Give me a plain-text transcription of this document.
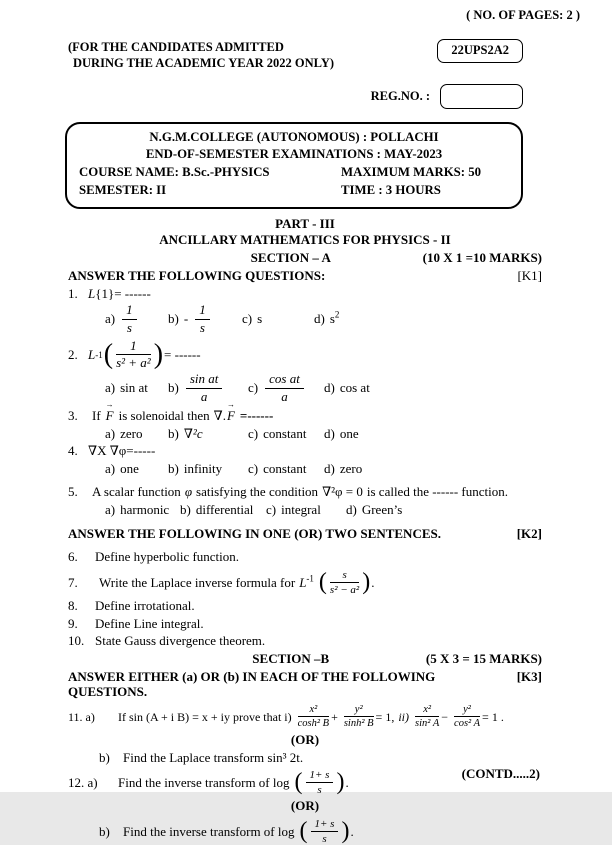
( NO. OF PAGES: 2 )
(FOR THE CANDIDATES ADMITTED
DURING THE ACADEMIC YEAR 2022 ONLY)
22UPS2A2
REG.NO. :
N.G.M.COLLEGE (AUTONOMOUS) : POLLACHI
END-OF-SEMESTER EXAMINATIONS : MAY-2023
COURSE NAME: B.Sc.-PHYSICS	MAXIMUM MARKS: 50
SEMESTER: II	TIME : 3 HOURS
PART - III
ANCILLARY MATHEMATICS FOR PHYSICS - II
SECTION – A	(10 X 1 =10 MARKS)
ANSWER THE FOLLOWING QUESTIONS:	[K1]
1. L {1}= ------
$a) \frac{1}{s} b) - \frac{1}{s} c$) s	d) $s^2$
2. L -1 ( $\frac{1}{\text{s² + a²}}$ ) = ------
a) sin at $b) \frac{\text{sin at}}{a} c) \frac{\text{cos at}}{a} d$) cos at
3.	If
→
F is solenoidal then ∇.
→
F =------
a) zero b) ∇²c	c) constant d) one
4. ∇X ∇φ=-----
a) one b) infinity c) constant d) zero
5.	A scalar function φ satisfying the condition ∇²φ = 0 is called the ------ function.
a) harmonic b) differential c) integral d) Green’s
ANSWER THE FOLLOWING IN ONE (OR) TWO SENTENCES.	[K2]
6.	Define hyperbolic function.
7.	Write the Laplace inverse formula for $L^{-1}$ ( $\frac{s}{\text{s² − a²}}$ ) .
8.	Define irrotational.
9.	Define Line integral.
10. State Gauss divergence theorem.
SECTION –B	(5 X 3 = 15 MARKS)
ANSWER EITHER (a) OR (b) IN EACH OF THE FOLLOWING QUESTIONS.
[K3]
11. a)	If sin (A + i B) = x + iy prove that $i) \frac{\text{x²}}{\text{cosh² B}} + \frac{\text{y²}}{\text{sinh² B}} = 1$, $ii) \frac{\text{x²}}{\text{sin² A}} - \frac{\text{y²}}{\text{cos² A}} = 1$ .
(OR)
b)	Find the Laplace transform sin³ 2t.
12. a)	Find the inverse transform of log ( $\frac{1+ s}{s}$ ) .
(OR)
b)	Find the inverse transform of log ( $\frac{1+ s}{s}$ ) .
(CONTD.....2)
